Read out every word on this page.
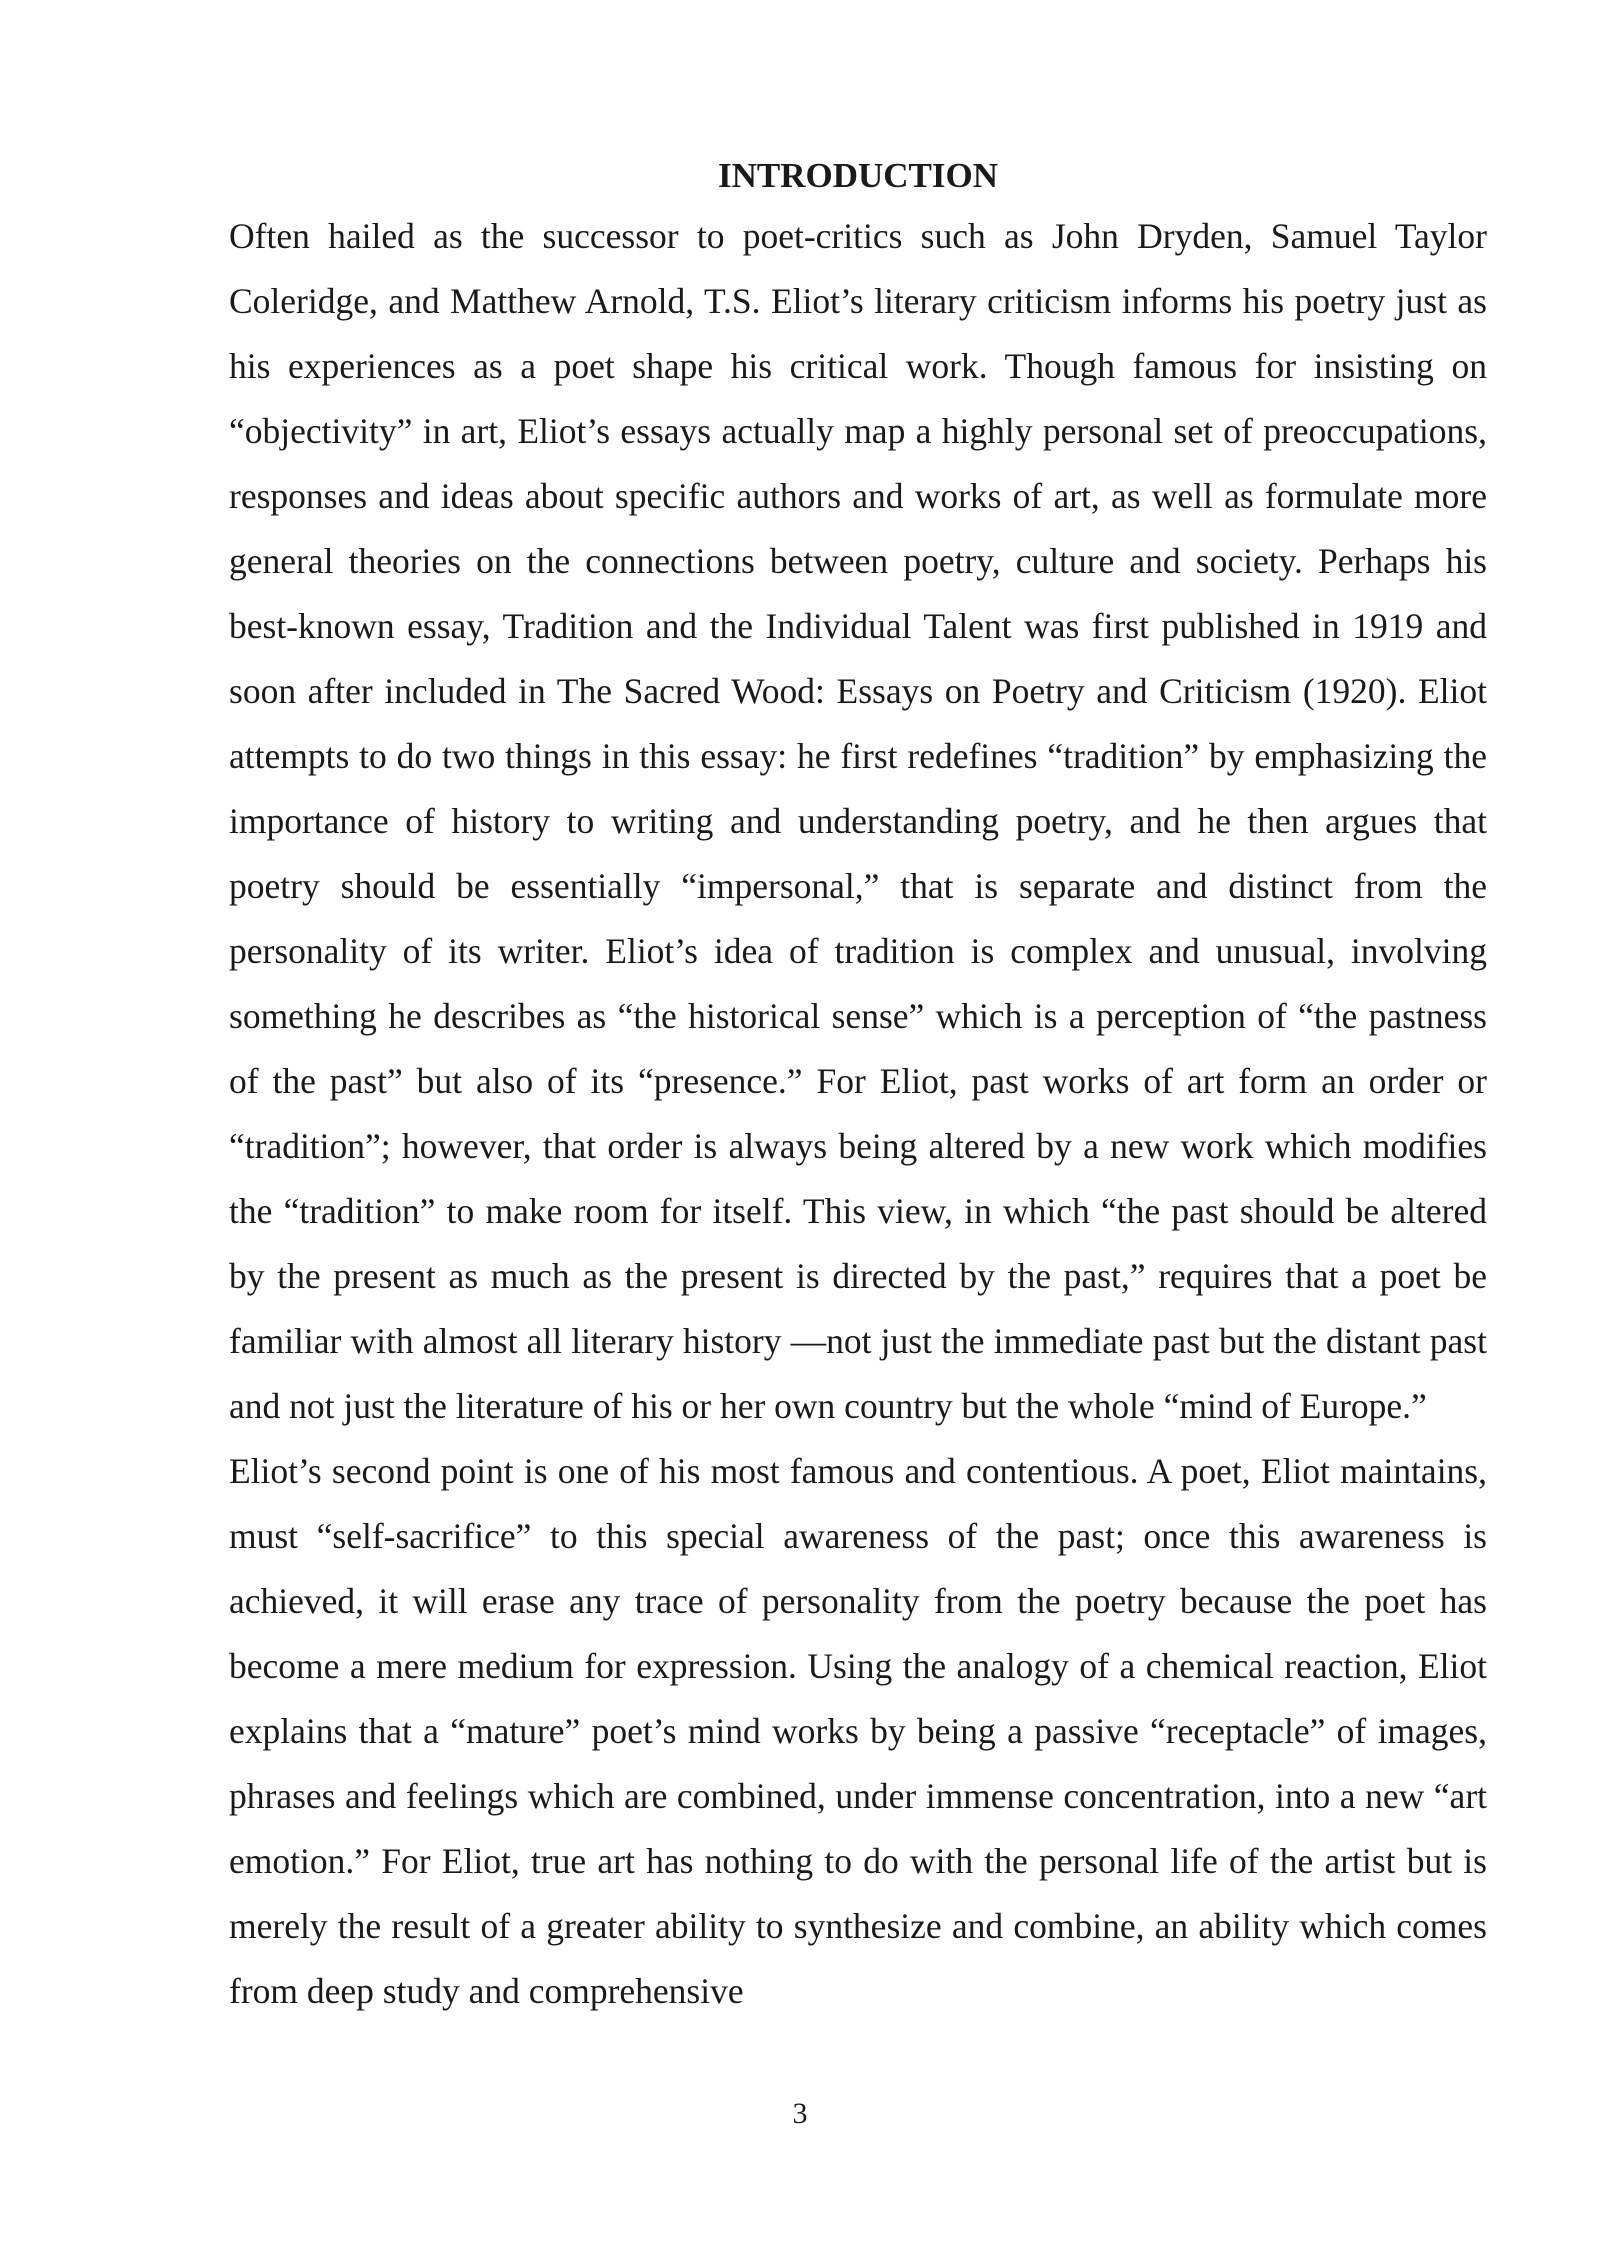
INTRODUCTION

Often hailed as the successor to poet-critics such as John Dryden, Samuel Taylor Coleridge, and Matthew Arnold, T.S. Eliot’s literary criticism informs his poetry just as his experiences as a poet shape his critical work. Though famous for insisting on “objectivity” in art, Eliot’s essays actually map a highly personal set of preoccupations, responses and ideas about specific authors and works of art, as well as formulate more general theories on the connections between poetry, culture and society. Perhaps his best-known essay, Tradition and the Individual Talent was first published in 1919 and soon after included in The Sacred Wood: Essays on Poetry and Criticism (1920). Eliot attempts to do two things in this essay: he first redefines “tradition” by emphasizing the importance of history to writing and understanding poetry, and he then argues that poetry should be essentially “impersonal,” that is separate and distinct from the personality of its writer. Eliot’s idea of tradition is complex and unusual, involving something he describes as “the historical sense” which is a perception of “the pastness of the past” but also of its “presence.” For Eliot, past works of art form an order or “tradition”; however, that order is always being altered by a new work which modifies the “tradition” to make room for itself. This view, in which “the past should be altered by the present as much as the present is directed by the past,” requires that a poet be familiar with almost all literary history —not just the immediate past but the distant past and not just the literature of his or her own country but the whole “mind of Europe.”

Eliot’s second point is one of his most famous and contentious. A poet, Eliot maintains, must “self-sacrifice” to this special awareness of the past; once this awareness is achieved, it will erase any trace of personality from the poetry because the poet has become a mere medium for expression. Using the analogy of a chemical reaction, Eliot explains that a “mature” poet’s mind works by being a passive “receptacle” of images, phrases and feelings which are combined, under immense concentration, into a new “art emotion.” For Eliot, true art has nothing to do with the personal life of the artist but is merely the result of a greater ability to synthesize and combine, an ability which comes from deep study and comprehensive

3
